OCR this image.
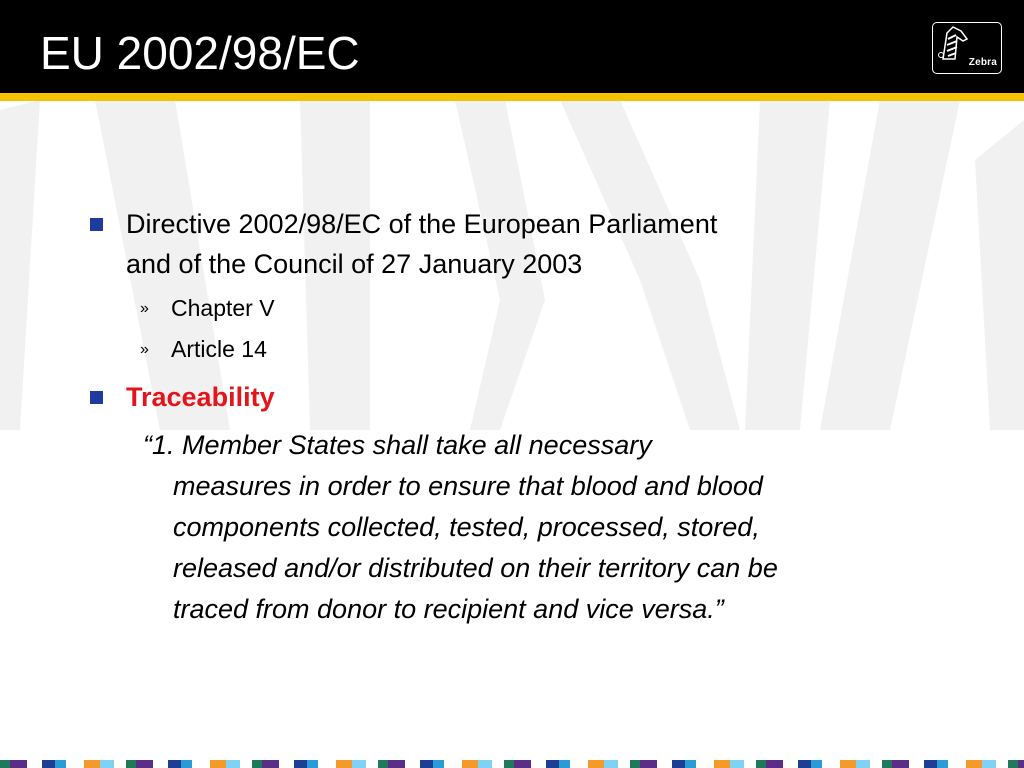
EU 2002/98/EC	Zebra
Directive 2002/98/EC of the European Parliament
and of the Council of 27 January 2003
» Chapter V
» Article 14
Traceability
“1. Member States shall take all necessary
measures in order to ensure that blood and blood
components collected, tested, processed, stored,
released and/or distributed on their territory can be
traced from donor to recipient and vice versa.”
